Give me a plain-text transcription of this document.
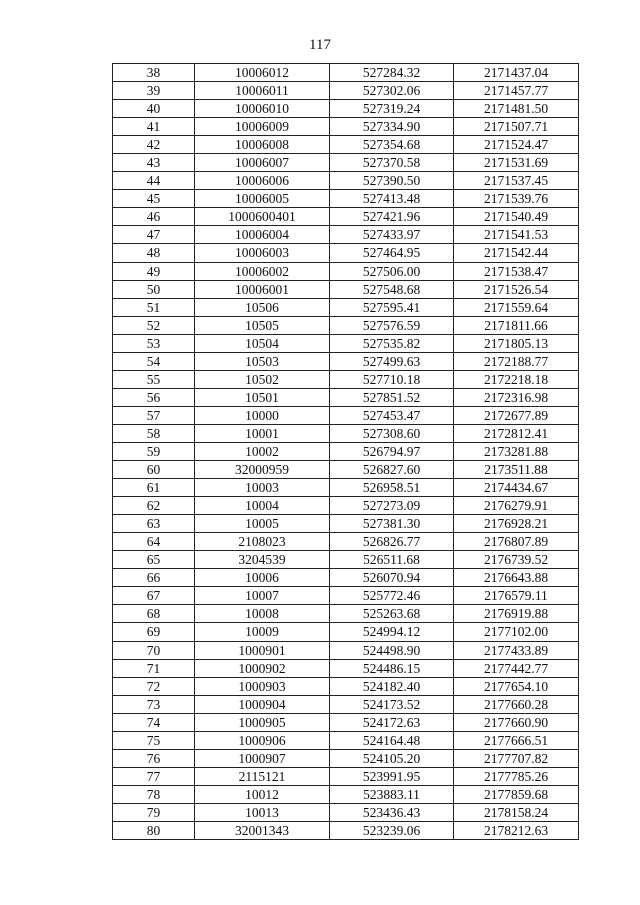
117
38	10006012	527284.32	2171437.04
39	10006011	527302.06	2171457.77
40	10006010	527319.24	2171481.50
41	10006009	527334.90	2171507.71
42	10006008	527354.68	2171524.47
43	10006007	527370.58	2171531.69
44	10006006	527390.50	2171537.45
45	10006005	527413.48	2171539.76
46	1000600401	527421.96	2171540.49
47	10006004	527433.97	2171541.53
48	10006003	527464.95	2171542.44
49	10006002	527506.00	2171538.47
50	10006001	527548.68	2171526.54
51	10506	527595.41	2171559.64
52	10505	527576.59	2171811.66
53	10504	527535.82	2171805.13
54	10503	527499.63	2172188.77
55	10502	527710.18	2172218.18
56	10501	527851.52	2172316.98
57	10000	527453.47	2172677.89
58	10001	527308.60	2172812.41
59	10002	526794.97	2173281.88
60	32000959	526827.60	2173511.88
61	10003	526958.51	2174434.67
62	10004	527273.09	2176279.91
63	10005	527381.30	2176928.21
64	2108023	526826.77	2176807.89
65	3204539	526511.68	2176739.52
66	10006	526070.94	2176643.88
67	10007	525772.46	2176579.11
68	10008	525263.68	2176919.88
69	10009	524994.12	2177102.00
70	1000901	524498.90	2177433.89
71	1000902	524486.15	2177442.77
72	1000903	524182.40	2177654.10
73	1000904	524173.52	2177660.28
74	1000905	524172.63	2177660.90
75	1000906	524164.48	2177666.51
76	1000907	524105.20	2177707.82
77	2115121	523991.95	2177785.26
78	10012	523883.11	2177859.68
79	10013	523436.43	2178158.24
80	32001343	523239.06	2178212.63
